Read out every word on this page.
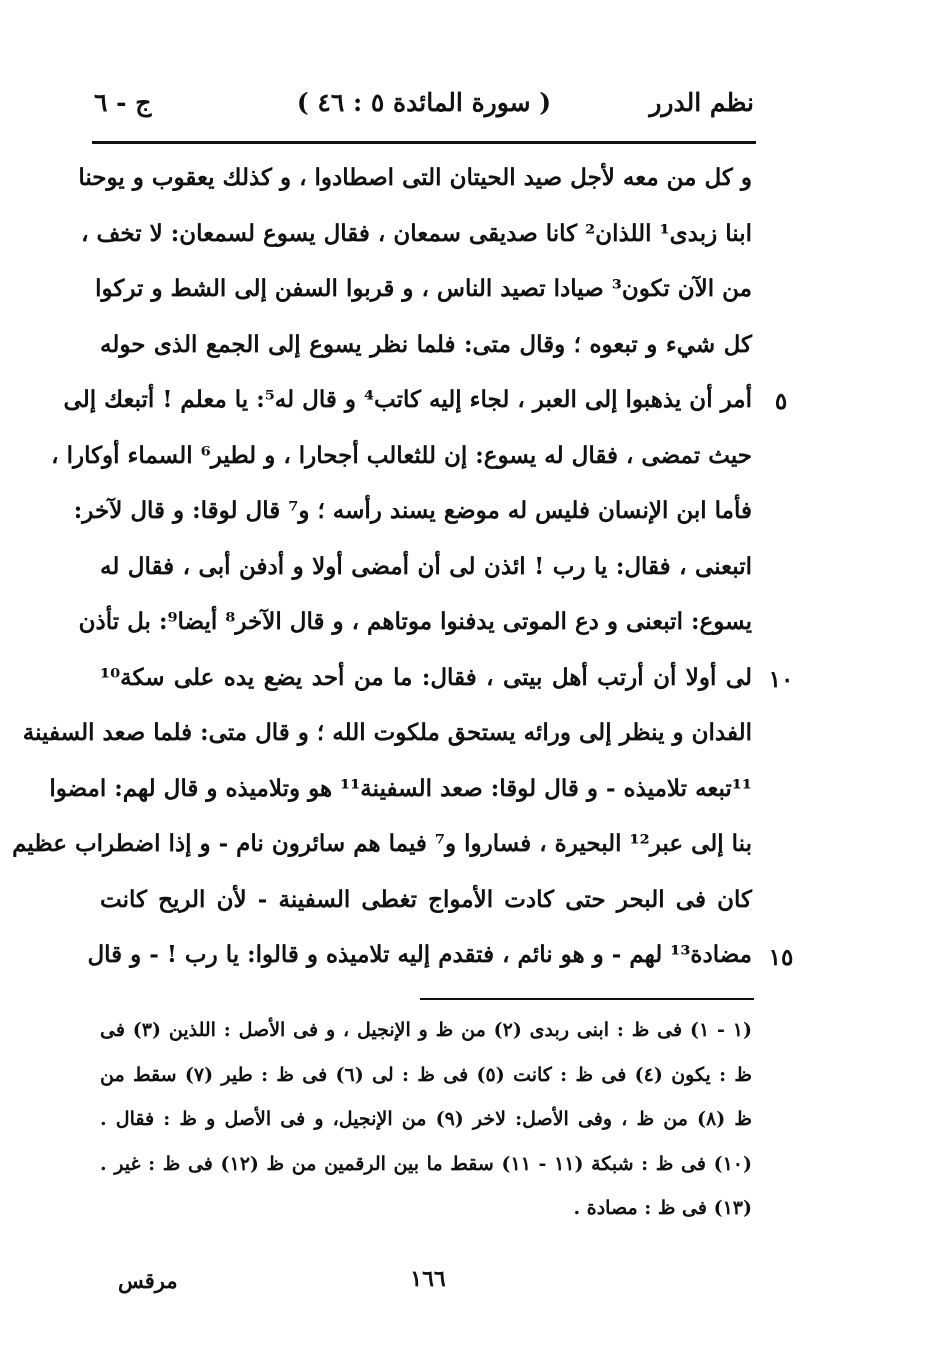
نظم الدرر
( سورة المائدة ٥ : ٤٦ )
ج - ٦
و كل من معه لأجل صيد الحيتان التى اصطادوا ، و كذلك يعقوب و يوحنا
ابنا زبدى¹ اللذان² كانا صديقى سمعان ، فقال يسوع لسمعان: لا تخف ،
من الآن تكون³ صيادا تصيد الناس ، و قربوا السفن إلى الشط و تركوا
كل شيء و تبعوه ؛ وقال متى: فلما نظر يسوع إلى الجمع الذى حوله
أمر أن يذهبوا إلى العبر ، لجاء إليه كاتب⁴ و قال له⁵: يا معلم ! أتبعك إلى
حيث تمضى ، فقال له يسوع: إن للثعالب أجحارا ، و لطير⁶ السماء أوكارا ،
فأما ابن الإنسان فليس له موضع يسند رأسه ؛ و⁷ قال لوقا: و قال لآخر:
اتبعنى ، فقال: يا رب ! ائذن لى أن أمضى أولا و أدفن أبى ، فقال له
يسوع: اتبعنى و دع الموتى يدفنوا موتاهم ، و قال الآخر⁸ أيضا⁹: بل تأذن
لى أولا أن أرتب أهل بيتى ، فقال: ما من أحد يضع يده على سكة¹⁰
الفدان و ينظر إلى ورائه يستحق ملكوت الله ؛ و قال متى: فلما صعد السفينة
¹¹تبعه تلاميذه - و قال لوقا: صعد السفينة¹¹ هو وتلاميذه و قال لهم: امضوا
بنا إلى عبر¹² البحيرة ، فساروا و⁷ فيما هم سائرون نام - و إذا اضطراب عظيم
كان فى البحر حتى كادت الأمواج تغطى السفينة - لأن الريح كانت
مضادة¹³ لهم - و هو نائم ، فتقدم إليه تلاميذه و قالوا: يا رب ! - و قال
٥
١٠
١٥
(١ - ١) فى ظ : ابنى ربدى (٢) من ظ و الإنجيل ، و فى الأصل : اللذين (٣) فى
ظ : يكون (٤) فى ظ : كانت (٥) فى ظ : لى (٦) فى ظ : طير (٧) سقط من
ظ (٨) من ظ ، وفى الأصل: لاخر (٩) من الإنجيل، و فى الأصل و ظ : فقال .
(١٠) فى ظ : شبكة (١١ - ١١) سقط ما بين الرقمين من ظ (١٢) فى ظ : غير .
(١٣) فى ظ : مصادة .
١٦٦
مرقس
